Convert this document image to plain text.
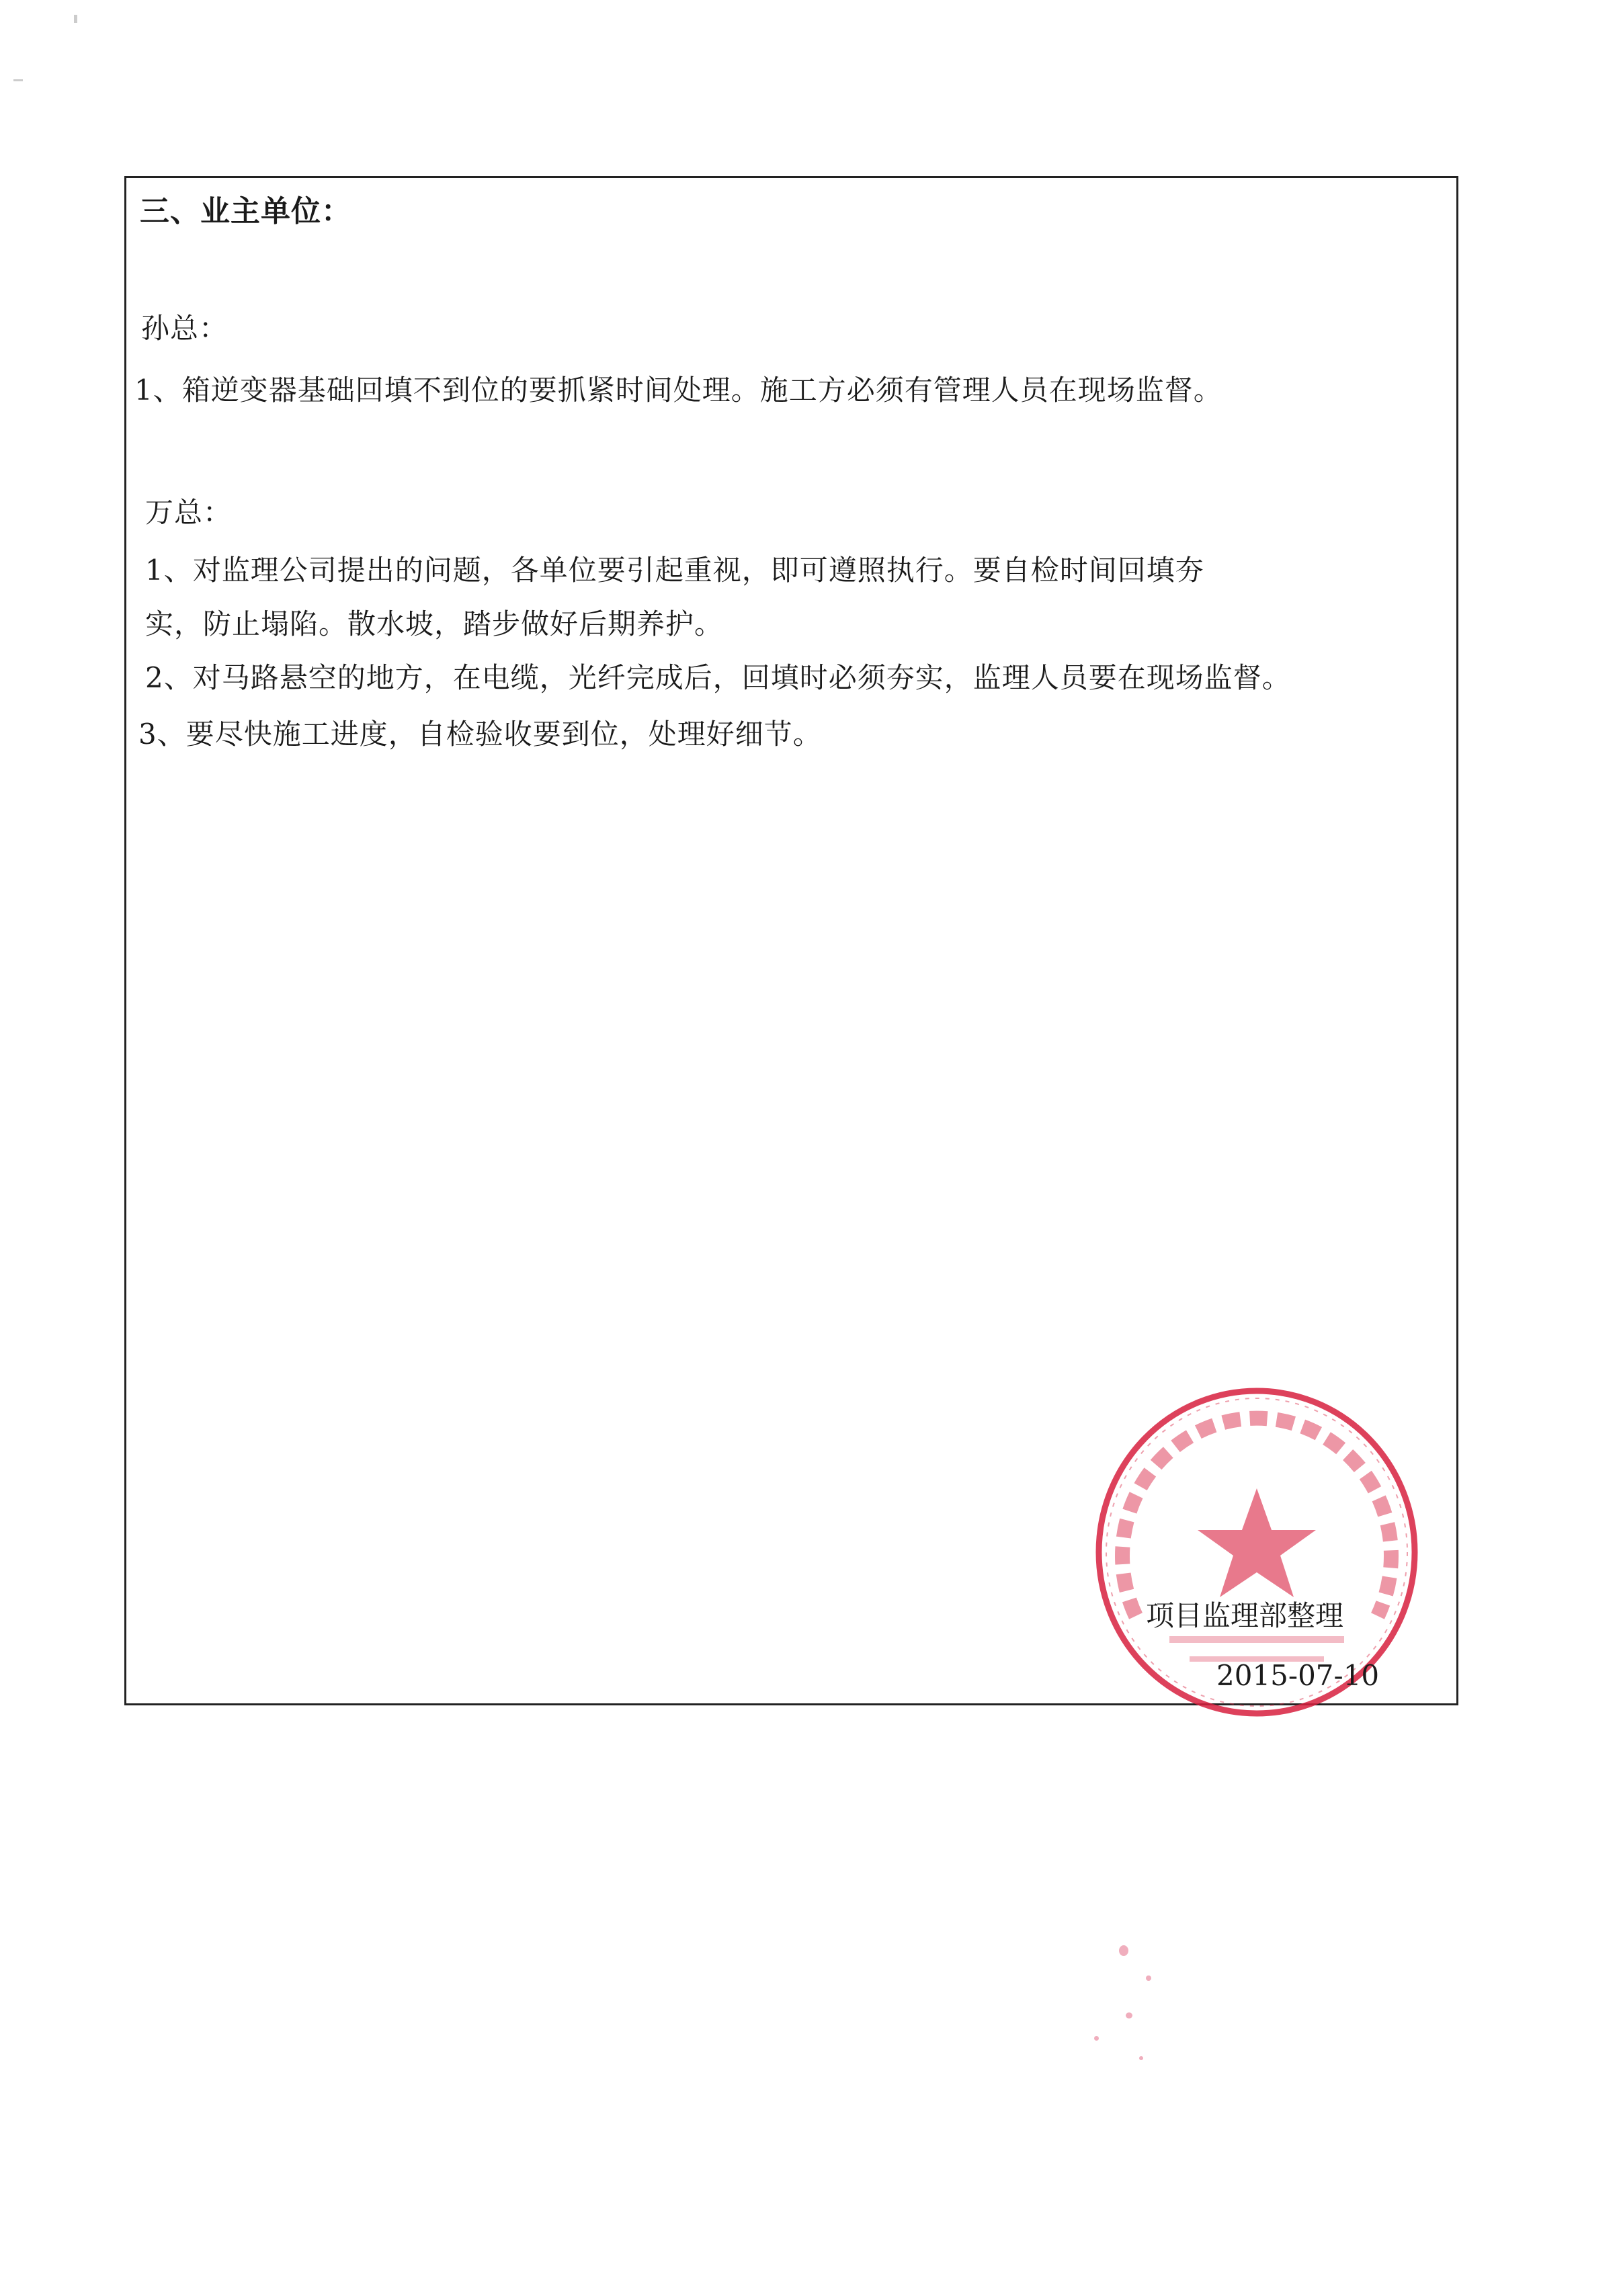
三、业主单位：
孙总：
1、箱逆变器基础回填不到位的要抓紧时间处理。施工方必须有管理人员在现场监督。
万总：
1、对监理公司提出的问题，各单位要引起重视，即可遵照执行。要自检时间回填夯
实，防止塌陷。散水坡，踏步做好后期养护。
2、对马路悬空的地方，在电缆，光纤完成后，回填时必须夯实，监理人员要在现场监督。
3、要尽快施工进度，自检验收要到位，处理好细节。
项目监理部整理
2015-07-10
